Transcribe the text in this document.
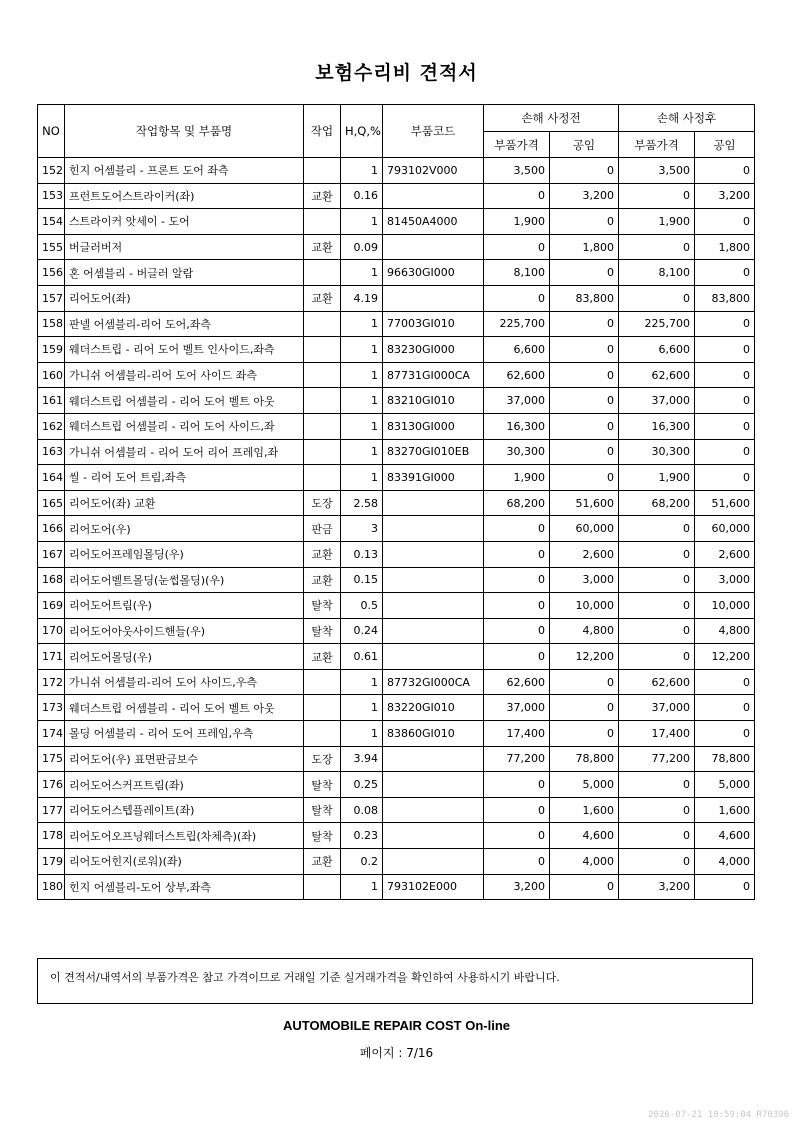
보험수리비 견적서
NO	작업항목 및 부품명	작업	H,Q,%	부품코드	손해 사정전		손해 사정후	
					부품가격	공임	부품가격	공임
152	힌지 어셈블리 - 프론트 도어 좌측		1	793102V000	3,500	0	3,500	0
153	프런트도어스트라이커(좌)	교환	0.16		0	3,200	0	3,200
154	스트라이커 앗세이 - 도어		1	81450A4000	1,900	0	1,900	0
155	버글러버저	교환	0.09		0	1,800	0	1,800
156	혼 어셈블리 - 버글러 알람		1	96630GI000	8,100	0	8,100	0
157	리어도어(좌)	교환	4.19		0	83,800	0	83,800
158	판넬 어셈블리-리어 도어,좌측		1	77003GI010	225,700	0	225,700	0
159	웨더스트립 - 리어 도어 벨트 인사이드,좌측		1	83230GI000	6,600	0	6,600	0
160	가니쉬 어셈블리-리어 도어 사이드 좌측		1	87731GI000CA	62,600	0	62,600	0
161	웨더스트립 어셈블리 - 리어 도어 벨트 아웃		1	83210GI010	37,000	0	37,000	0
162	웨더스트립 어셈블리 - 리어 도어 사이드,좌		1	83130GI000	16,300	0	16,300	0
163	가니쉬 어셈블리 - 리어 도어 리어 프레임,좌		1	83270GI010EB	30,300	0	30,300	0
164	씰 - 리어 도어 트림,좌측		1	83391GI000	1,900	0	1,900	0
165	리어도어(좌) 교환	도장	2.58		68,200	51,600	68,200	51,600
166	리어도어(우)	판금	3		0	60,000	0	60,000
167	리어도어프레임몰딩(우)	교환	0.13		0	2,600	0	2,600
168	리어도어벨트몰딩(눈썹몰딩)(우)	교환	0.15		0	3,000	0	3,000
169	리어도어트림(우)	탈착	0.5		0	10,000	0	10,000
170	리어도어아웃사이드핸들(우)	탈착	0.24		0	4,800	0	4,800
171	리어도어몰딩(우)	교환	0.61		0	12,200	0	12,200
172	가니쉬 어셈블리-리어 도어 사이드,우측		1	87732GI000CA	62,600	0	62,600	0
173	웨더스트립 어셈블리 - 리어 도어 벨트 아웃		1	83220GI010	37,000	0	37,000	0
174	몰딩 어셈블리 - 리어 도어 프레임,우측		1	83860GI010	17,400	0	17,400	0
175	리어도어(우) 표면판금보수	도장	3.94		77,200	78,800	77,200	78,800
176	리어도어스커프트림(좌)	탈착	0.25		0	5,000	0	5,000
177	리어도어스텝플레이트(좌)	탈착	0.08		0	1,600	0	1,600
178	리어도어오프닝웨더스트립(차체측)(좌)	탈착	0.23		0	4,600	0	4,600
179	리어도어힌지(로워)(좌)	교환	0.2		0	4,000	0	4,000
180	힌지 어셈블리-도어 상부,좌측		1	793102E000	3,200	0	3,200	0
이 견적서/내역서의 부품가격은 참고 가격이므로 거래일 기준 실거래가격을 확인하여 사용하시기 바랍니다.
AUTOMOBILE REPAIR COST On-line
페이지 : 7/16
2026-07-21 10:59:04 R70396
